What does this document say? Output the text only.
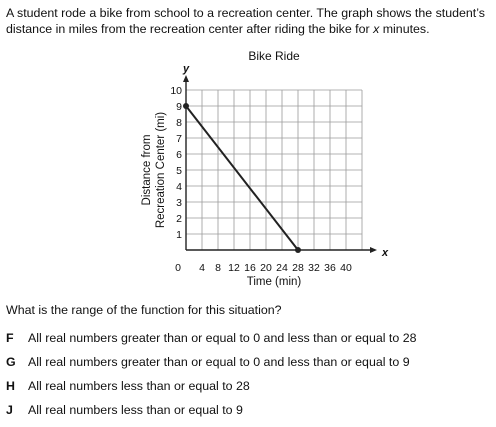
A student rode a bike from school to a recreation center. The graph shows the student’s distance in miles from the recreation center after riding the bike for x minutes.
0 4 8 12 16 20 24 28 32 36 40
1
2
3
4
5
6
7
8
9
10
x
y
Bike Ride
Time (min)
Distance from Recreation Center (mi)
What is the range of the function for this situation?
F All real numbers greater than or equal to 0 and less than or equal to 28
G All real numbers greater than or equal to 0 and less than or equal to 9
H All real numbers less than or equal to 28
J All real numbers less than or equal to 9
